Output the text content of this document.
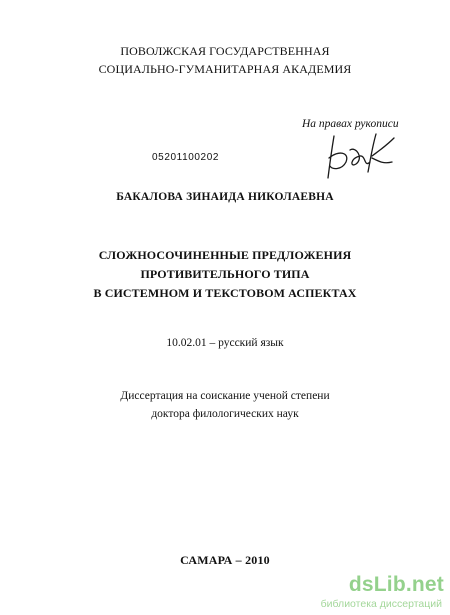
ПОВОЛЖСКАЯ ГОСУДАРСТВЕННАЯ
СОЦИАЛЬНО-ГУМАНИТАРНАЯ АКАДЕМИЯ
На правах рукописи
05201100202
БАКАЛОВА ЗИНАИДА НИКОЛАЕВНА
СЛОЖНОСОЧИНЕННЫЕ ПРЕДЛОЖЕНИЯ
ПРОТИВИТЕЛЬНОГО ТИПА
В СИСТЕМНОМ И ТЕКСТОВОМ АСПЕКТАХ
10.02.01 – русский язык
Диссертация на соискание ученой степени
доктора филологических наук
САМАРА – 2010
dsLib.net
библиотека диссертаций
